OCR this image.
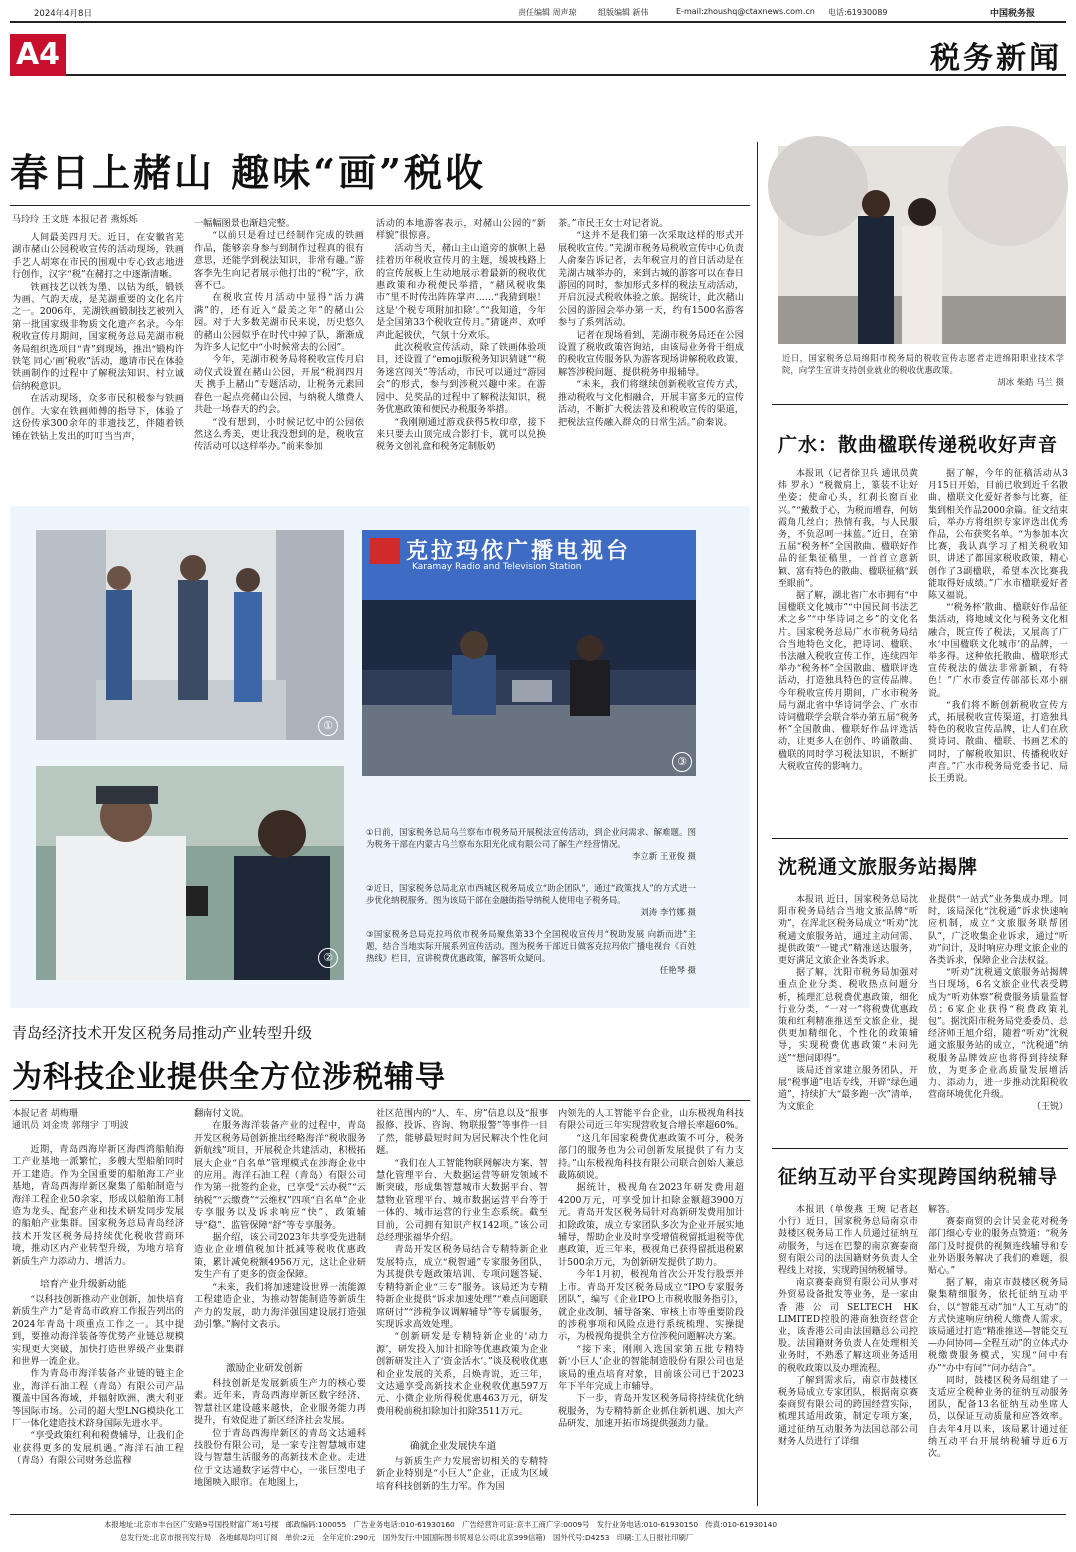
2024年4月8日	责任编辑 周声琼	组版编辑 新伟	E-mail:zhoushq@ctaxnews.com.cn 电话:61930089	中国税务报
A4	税务新闻
春日上赭山 趣味“画”税收
马玲玲 王文琏 本报记者 燕烁烁

人间最美四月天。近日，在安徽省芜湖市赭山公园税收宣传的活动现场，铁画手艺人胡寒在市民的围观中专心致志地进行创作，汉字“税”在赭打之中逐渐清晰。

铁画技艺以铁为墨、以钻为纸，锻铁为画、气韵天成，是芜湖重要的文化名片之一。2006年，芜湖铁画锻制技艺被列入第一批国家级非物质文化遗产名录。今年税收宣传月期间，国家税务总局芜湖市税务局组织选项目“青”到现场，推出“锻构许铁笔 同心‘画’税收”活动，邀请市民在体验铁画制作的过程中了解税法知识、村立诚信纳税意识。

在活动现场，众多市民积极参与铁画创作。大家在铁画师傅的指导下，体验了这份传承300余年的非遗技艺，伴随着铁锤在铁钻上发出的叮叮当当声，

一幅幅图景也渐趋完整。

“以前只是看过已经制作完成的铁画作品，能够亲身参与到制作过程真的很有意思，还能学到税法知识，非常有趣。”游客李先生向记者展示他打出的“税”字，欣喜不已。

在税收宣传月活动中显得“活力满满”的，还有近入“最美之年”的赭山公园。对于大多数芜湖市民来说，历史悠久的赭山公园似乎在时代中掉了队，渐渐成为许多人记忆中“小时候常去的公园”。

今年，芜湖市税务局将税收宣传月启动仪式设置在赭山公园，开展“税润四月天 携手上赭山”专题活动，让税务元素回春色一起点亮赭山公园，与纳税人缴费人共赴一场春天的约会。

“没有想到，小时候记忆中的公园依然这么秀美，更让我没想到的是，税收宣传活动可以这样举办。”前来参加

活动的本地游客表示，对赭山公园的“新样貌”很惊喜。

活动当天，赭山主山道旁的旗帜上悬挂着历年税收宣传月的主题，缓坡栈路上的宣传展板上生动地展示着最新的税收优惠政策和办税便民举措，“赭风税收集市”里不时传出阵阵掌声……“我猜到啦！这是‘个税专项附加扣除’。”“我知道，今年是全国第33个税收宣传月。”猜谜声、欢呼声此起彼伏，气氛十分欢乐。

此次税收宣传活动，除了铁画体验项目，还设置了“emoji版税务知识猜谜”“税务迷宫闯关”等活动，市民可以通过“游园会”的形式，参与到涉税兴趣中来。在游园中、兑奖品的过程中了解税法知识，税务优惠政策和便民办税服务举措。

“我刚刚通过游戏获得5枚印章，接下来只要去山顶完成合影打卡，就可以兑换税务文创礼盒和税务定制版奶

茶。”市民王女士对记者说。

“这并不是我们第一次采取这样的形式开展税收宣传。”芜湖市税务局税收宣传中心负责人俞秦告诉记者，去年税宣月的首日活动是在芜湖古城举办的，来到古城的游客可以在春日游园的同时，参加形式多样的税法互动活动，开启沉浸式税收体验之旅。据统计，此次赭山公园的游园会举办第一天，约有1500名游客参与了系列活动。

记者在现场看到，芜湖市税务局还在公园设置了税收政策咨询站，由该局业务骨干组成的税收宣传服务队为游客现场讲解税收政策、解答涉税问题、提供税务申报辅导。

“未来，我们将继续创新税收宣传方式，推动税收与文化相融合，开展丰富多元的宣传活动，不断扩大税法普及和税收宣传的渠道，把税法宣传融入群众的日常生活。”俞秦说。

①
克拉玛依广播电视台
Karamay Radio and Television Station
③
②
①日前，国家税务总局乌兰察布市税务局开展税法宣传活动，到企业问需求、解难题。图为税务干部在内蒙古乌兰察布东阳光化成有限公司了解生产经营情况。
李立新 王亚俊 摄
②近日，国家税务总局北京市西城区税务局成立“助企团队”，通过“政策找人”的方式进一步优化纳税服务。图为该局干部在金融街指导纳税人使用电子税务局。
刘涛 李竹娜 摄
③国家税务总局克拉玛依市税务局聚焦第33个全国税收宣传月“税助发展 向新而进”主题，结合当地实际开展系列宣传活动。图为税务干部近日做客克拉玛依广播电视台《百姓热线》栏目，宣讲税费优惠政策，解答听众疑问。
任艳琴 摄
青岛经济技术开发区税务局推动产业转型升级
为科技企业提供全方位涉税辅导
本报记者 胡梅珊
通讯员 刘金贵 郭翔宇 丁明波

近期，青岛西海岸新区海西湾船舶海工产业基地一派繁忙，多艘大型船舶同时开工建造。作为全国重要的船舶海工产业基地，青岛西海岸新区聚集了船舶制造与海洋工程企业50余家，形成以船舶海工制造为龙头、配套产业和技术研发同步发展的船舶产业集群。国家税务总局青岛经济技术开发区税务局持续优化税收营商环境，推动区内产业转型升级，为地方培育新质生产力添动力、增活力。

培育产业升级新动能

“以科技创新推动产业创新，加快培育新质生产力”是青岛市政府工作报告列出的2024年青岛十项重点工作之一。其中提到，要推动海洋装备等优势产业链总规模实现更大突破，加快打造世界级产业集群和世界一流企业。

作为青岛市海洋装备产业链的链主企业，海洋石油工程（青岛）有限公司产品覆盖中国各海域，并辐射欧洲、澳大利亚等国际市场。公司的超大型LNG模块化工厂一体化建造技术跻身国际先进水平。

“享受政策红利和税费辅导，让我们企业获得更多的发展机遇。”海洋石油工程（青岛）有限公司财务总监穆

翻南付文说。

在服务海洋装备产业的过程中，青岛开发区税务局创新推出经略海洋“税收服务新航线”项目，开展税企共建活动，积极拓展大企业“自名单”管理模式在涉海企业中的应用。海洋石油工程（青岛）有限公司作为第一批签约企业，已享受“云办税”“云纳税”“云缴费”“云维权”四项“自名单”企业专享服务以及诉求响应“快”、政策辅导“稳”、监管保障“舒”等专享服务。

据介绍，该公司2023年共享受先进制造业企业增值税加计抵减等税收优惠政策，累计减免税额4956万元，这让企业研发生产有了更多的资金保障。

“未来，我们将加速建设世界一流能源工程建造企业，为推动智能制造等新质生产力的发展，助力海洋强国建设展打造强劲引擎。”胸付文表示。

激励企业研发创新

科技创新是发展新质生产力的核心要素。近年来，青岛西海岸新区数字经济、智慧社区建设越来越快，企业服务能力再提升，有效促进了新区经济社会发展。

位于青岛西海岸新区的青岛文达通科技股份有限公司，是一家专注智慧城市建设与智慧生活服务的高新技术企业。走进位于文达通数字运营中心，一张巨型电子地图映入眼帘。在地图上，

社区范围内的“人、车、房”信息以及“报事报修、投诉、咨询、物联报警”等事件一目了然，能够最短时间为居民解决个性化问题。

“我们在人工智能物联网解决方案、智慧化管理平台、大数据运营等研发领域不断突破，形成集智慧城市大数据平台、智慧物业管理平台、城市数据运营平台等于一体的、城市运营的行业生态系统。截至目前，公司拥有知识产权142项。”该公司总经理张福华介绍。

青岛开发区税务局结合专精特新企业发展特点，成立“税智通”专家服务团队，为其提供专题政策培训、专项问题答疑、专精特新企业“三专”服务。该局还为专精特新企业提供“诉求加速处理”“难点问题联席研讨”“涉税争议调解辅导”等专属服务，实现诉求高效处理。

“创新研发是专精特新企业的‘动力源’，研发投入加计扣除等优惠政策为企业创新研发注入了‘资金活水’。”谈及税收优惠和企业发展的关系，吕焕青说，近三年，文达通享受高新技术企业税收优惠597万元、小微企业所得税优惠463万元，研发费用税前税扣除加计扣除3511万元。

确就企业发展快车道

与新质生产力发展密切相关的专精特新企业特别是“小巨人”企业，正成为区域培育科技创新的生力军。作为国

内领先的人工智能平台企业，山东极视角科技有限公司近三年实现营收复合增长率超60%。

“这几年国家税费优惠政策不可分，税务部门的服务也为公司创新发展提供了有力支持。”山东极视角科技有限公司联合创始人兼总裁陈硕说。

据统计，极视角在2023年研发费用超4200万元，可享受加计扣除金额超3900万元。青岛开发区税务局针对高新研发费用加计扣除政策，成立专家团队多次为企业开展实地辅导，帮助企业及时享受增值税留抵退税等优惠政策，近三年来，极视角已获得留抵退税累计500余万元，为创新研发提供了助力。

今年1月初，极视角首次公开发行股票并上市。青岛开发区税务局成立“IPO专家服务团队”，编写《企业IPO上市税收服务指引》，就企业改制、辅导备案、审核上市等重要阶段的涉税事项和风险点进行系统梳理、实操提示，为极视角提供全方位涉税问题解决方案。

“接下来，刚刚入选国家第五批专精特新‘小巨人’企业的智能制造股份有限公司也是该局的重点培育对象，目前该公司已于2023年下半年完成上市辅导。

下一步，青岛开发区税务局将持续优化纳税服务，为专精特新企业抓住新机遇、加大产品研发、加速开拓市场提供强劲力量。

近日，国家税务总局绵阳市税务局的税收宣传志愿者走进绵阳职业技术学院，向学生宣讲支持创业就业的税收优惠政策。
胡冰 柴皓 马兰 摄
广水：散曲楹联传递税收好声音

本报讯（记者徐卫兵 通讯员黄炜 罗永）“税微肩上，篆装不让好坐姿；使命心头，红刹长窗百业兴。”“戴数于心，为税而增春，何妨霞角几丝白；热情有我，与人民服务，不负忍呵一抹蓝。”近日，在第五届“税务杯”全国散曲、楹联好作品的征集征稿里，一首首立意新颖、富有特色的散曲、楹联征稿“跃至眼前”。

据了解，湖北省广水市拥有“中国楹联文化城市”“中国民间书法艺术之乡”“中华诗词之乡”的文化名片。国家税务总局广水市税务局结合当地特色文化，把诗词、楹联、书法融入税收宣传工作，连续四年举办“税务杯”全国散曲、楹联评选活动，打造独具特色的宣传品牌。今年税收宣传月期间，广水市税务局与湖北省中华诗词学会、广水市诗词楹联学会联合举办第五届“税务杯”全国散曲、楹联好作品评选活动，让更多人在创作、吟诵散曲、楹联的同时学习税法知识，不断扩大税收宣传的影响力。

据了解，今年的征稿活动从3月15日开始，目前已收到近千名散曲、楹联文化爱好者参与比赛，征集到相关作品2000余篇。征文结束后，举办方将组织专家评选出优秀作品，公布获奖名单。“为参加本次比赛，我认真学习了相关税收知识，讲述了都国家税收政策，精心创作了3副楹联，希望本次比赛我能取得好成绩。”广水市楹联爱好者陈又福说。

“‘税务杯’散曲、楹联好作品征集活动，将地域文化与税务文化相融合，既宣传了税法，又展高了广水‘中国楹联文化城市’的品牌，一举多得。这种依托散曲、楹联形式宣传税法的做法非常新颖，有特色！”广水市委宣传部部长邓小丽说。

“我们将不断创新税收宣传方式，拓展税收宣传渠道，打造独具特色的税收宣传品牌，让人们在欣赏诗词、散曲、楹联、书画艺术的同时，了解税收知识、传播税收好声音。”广水市税务局党委书记、局长王勇说。

沈税通文旅服务站揭牌

本报讯 近日，国家税务总局沈阳市税务局结合当地文旅品牌“听劝”，在浑北区税务局成立“听劝”沈税通文旅服务站，通过主动问需、提供政策“一键式”精准送达服务，更好满足文旅企业各类诉求。

据了解，沈阳市税务局加强对重点企业分类、税收热点问题分析，梳理汇总税费优惠政策，细化行业分类，“一对一”将税费优惠政策和红利精准推送至文旅企业，提供更加精细化、个性化的政策辅导，实现税费优惠政策“未问先送”“想问即得”。

该局还首家建立服务团队，开展“税事通”电话专线，开辟“绿色通道”，持续扩大“最多跑一次”清单，为文旅企

业提供“一站式”业务集成办理。同时，该局深化“沈税通”诉求快速响应机制，成立“文旅服务联帮团队”，广泛收集企业诉求，通过“听劝”问计，及时响应办理文旅企业的各类诉求，保障企业合法权益。

“听劝”沈税通文旅服务站揭牌当日现场，6名文旅企业代表受聘成为“听劝体察”税费服务质量监督员；6家企业获得“税费政策礼包”。据沈阳市税务局党委委员、总经济师王旭介绍，随着“听劝”沈税通文旅服务站的成立，“沈税通”纳税服务品牌效应也将得到持续释放，为更多企业高质量发展增活力、添动力，进一步推动沈阳税收营商环境优化升级。

（王锐）

征纳互动平台实现跨国纳税辅导

本报讯（单俊燕 王琬 记者赵小行）近日，国家税务总局南京市鼓楼区税务局工作人员通过征纳互动服务，与远在巴黎的南京赛泰商贸有限公司的法国籍财务负责人全程线上对接，实现跨国纳税辅导。

南京赛泰商贸有限公司从事对外贸易设备批发等业务，是一家由香港公司SELTECH HK LIMITED控股的港商独资经营企业，该香港公司由法国籍总公司控股。法国籍财务负责人在处理相关业务时，不熟悉了解这项业务适用的税收政策以及办理流程。

了解到需求后，南京市鼓楼区税务局成立专家团队，根据南京赛泰商贸有限公司的跨国经营实际，梳理其适用政策，制定专项方案，通过征纳互动服务为法国总部公司财务人员进行了详细

解答。

赛泰商贸的会计吴金花对税务部门细心专业的服务点赞道：“税务部门及时提供的视频连线辅导和专业外语服务解决了我们的难题，很贴心。”

据了解，南京市鼓楼区税务局聚集精细服务，依托征纳互动平台，以“智能互动”加“人工互动”的方式快速响应纳税人缴费人需求。该局通过打造“精准推送—智能交互—办问协同—全程互动”的立体式办税缴费服务模式，实现“问中有办”“办中有问”“问办结合”。

同时，鼓楼区税务局组建了一支适应全税种业务的征纳互动服务团队，配备13名征纳互动坐席人员，以保证互动质量和应答效率。自去年4月以来，该局累计通过征纳互动平台开展纳税辅导近6万次。

本报地址:北京市丰台区广安路9号国投财富广场1号楼　邮政编码:100055　广告业务电话:010-61930160　广告经营许可证:京丰工商广字:0009号　发行业务电话:010-61930150　传真:010-61930140
总发行处:北京市报刊发行局　各地邮局均可订阅　单价:2元　全年定价:290元　国外发行:中国国际图书贸易总公司(北京399信箱)　国外代号:D4253　印刷:工人日报社印刷厂
